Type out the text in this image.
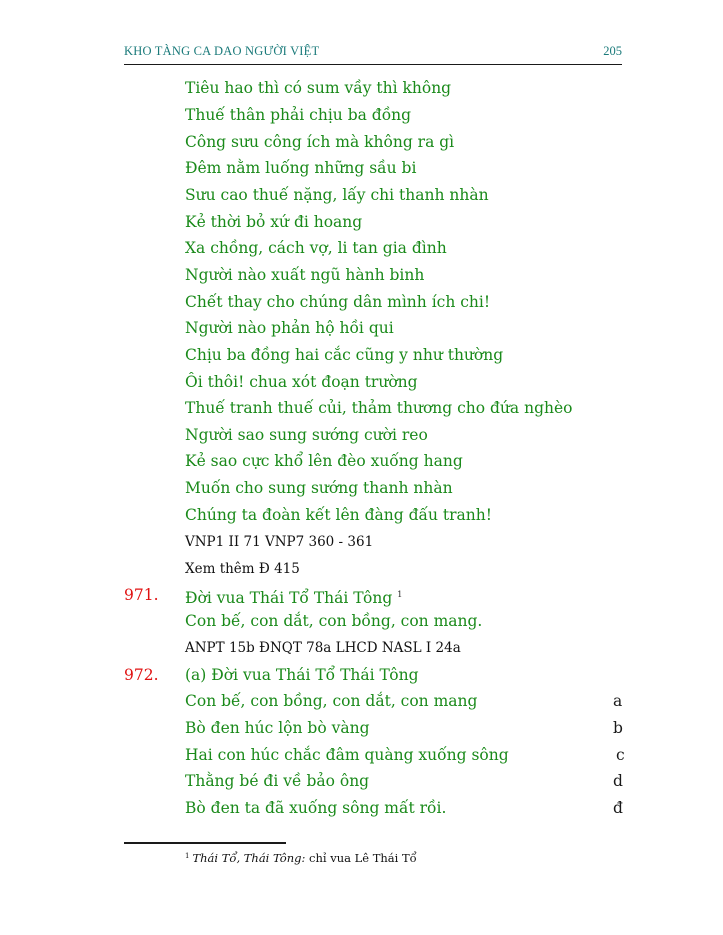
KHO TÀNG CA DAO NGƯỜI VIỆT	205
Tiêu hao thì có sum vầy thì không
Thuế thân phải chịu ba đồng
Công sưu công ích mà không ra gì
Đêm nằm luống những sầu bi
Sưu cao thuế nặng, lấy chi thanh nhàn
Kẻ thời bỏ xứ đi hoang
Xa chồng, cách vợ, li tan gia đình
Người nào xuất ngũ hành binh
Chết thay cho chúng dân mình ích chi!
Người nào phản hộ hồi qui
Chịu ba đồng hai cắc cũng y như thường
Ôi thôi! chua xót đoạn trường
Thuế tranh thuế củi, thảm thương cho đứa nghèo
Người sao sung sướng cười reo
Kẻ sao cực khổ lên đèo xuống hang
Muốn cho sung sướng thanh nhàn
Chúng ta đoàn kết lên đàng đấu tranh!
VNP1 II 71 VNP7 360 - 361
Xem thêm Đ 415
971. Đời vua Thái Tổ Thái Tông $^1$
Con bế, con dắt, con bồng, con mang.
ANPT 15b ĐNQT 78a LHCD NASL I 24a
972. (a) Đời vua Thái Tổ Thái Tông
Con bế, con bồng, con dắt, con mang	a
Bò đen húc lộn bò vàng	b
Hai con húc chắc đâm quàng xuống sông	c
Thằng bé đi về bảo ông	d
Bò đen ta đã xuống sông mất rồi.	đ
$^1$ Thái Tổ, Thái Tông: chỉ vua Lê Thái Tổ
